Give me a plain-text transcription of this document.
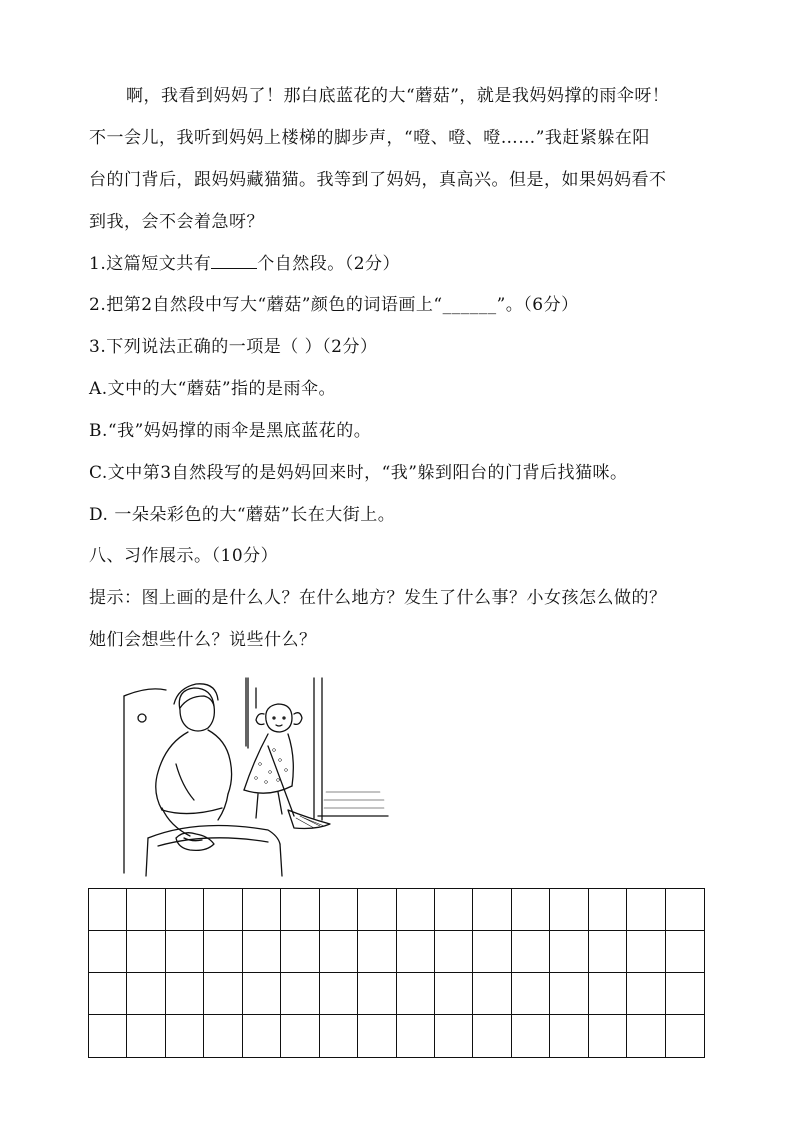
啊，我看到妈妈了！那白底蓝花的大“蘑菇”，就是我妈妈撑的雨伞呀！
不一会儿，我听到妈妈上楼梯的脚步声，“噔、噔、噔……”我赶紧躲在阳
台的门背后，跟妈妈藏猫猫。我等到了妈妈，真高兴。但是，如果妈妈看不
到我，会不会着急呀？
1.这篇短文共有	个自然段。（2分）
2.把第2自然段中写大“蘑菇”颜色的词语画上“______”。（6分）
3.下列说法正确的一项是（ ）（2分）
A.文中的大“蘑菇”指的是雨伞。
B.“我”妈妈撑的雨伞是黑底蓝花的。
C.文中第3自然段写的是妈妈回来时，“我”躲到阳台的门背后找猫咪。
D. 一朵朵彩色的大“蘑菇”长在大街上。
八、习作展示。（10分）
提示：图上画的是什么人？在什么地方？发生了什么事？小女孩怎么做的？
她们会想些什么？说些什么？
